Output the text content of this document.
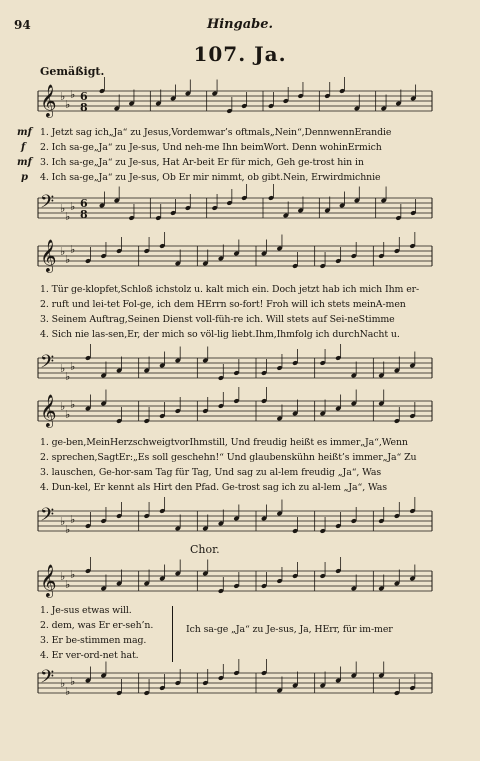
94	Hingabe.
107. Ja.
Gemäßigt.
𝄞 ♭
♭
♭ 6
8
mf
f
mf
p
1. Jetzt sag ich„Ja“ zu Jesus,Vordemwar’s oftmals„Nein“,DennwennErandie
2. Ich sa-ge„Ja“ zu Je-sus, Und neh-me Ihn beimWort. Denn wohinErmich
3. Ich sa-ge„Ja“ zu Je-sus, Hat Ar-beit Er für mich, Geh ge-trost hin in
4. Ich sa-ge„Ja“ zu Je-sus, Ob Er mir nimmt, ob gibt.Nein, Erwirdmichnie
𝄢 ♭
♭
♭ 6
8
𝄞 ♭
♭
♭
1. Tür ge-klopfet,Schloß ichstolz u. kalt mich ein. Doch jetzt hab ich mich Ihm er-
2. ruft und lei-tet Fol-ge, ich dem HErrn so-fort! Froh will ich stets meinA-men
3. Seinem Auftrag,Seinen Dienst voll-füh-re ich. Will stets auf Sei-neStimme
4. Sich nie las-sen,Er, der mich so völ-lig liebt.Ihm,Ihmfolg ich durchNacht u.
𝄢 ♭
♭
♭
𝄞 ♭
♭
♭
1. ge-ben,MeinHerzschweigtvorIhmstill, Und freudig heißt es immer„Ja“,Wenn
2. sprechen,SagtEr:„Es soll geschehn!“ Und glaubenskühn heißt’s immer„Ja“ Zu
3. lauschen, Ge-hor-sam Tag für Tag, Und sag zu al-lem freudig „Ja“, Was
4. Dun-kel, Er kennt als Hirt den Pfad. Ge-trost sag ich zu al-lem „Ja“, Was
𝄢 ♭
♭
♭
Chor.
𝄞 ♭
♭
♭
1. Je-sus etwas will.
2. dem, was Er er-seh’n.
3. Er be-stimmen mag.
4. Er ver-ord-net hat.
Ich sa-ge „Ja“ zu Je-sus, Ja, HErr, für im-mer
𝄢 ♭
♭
♭
